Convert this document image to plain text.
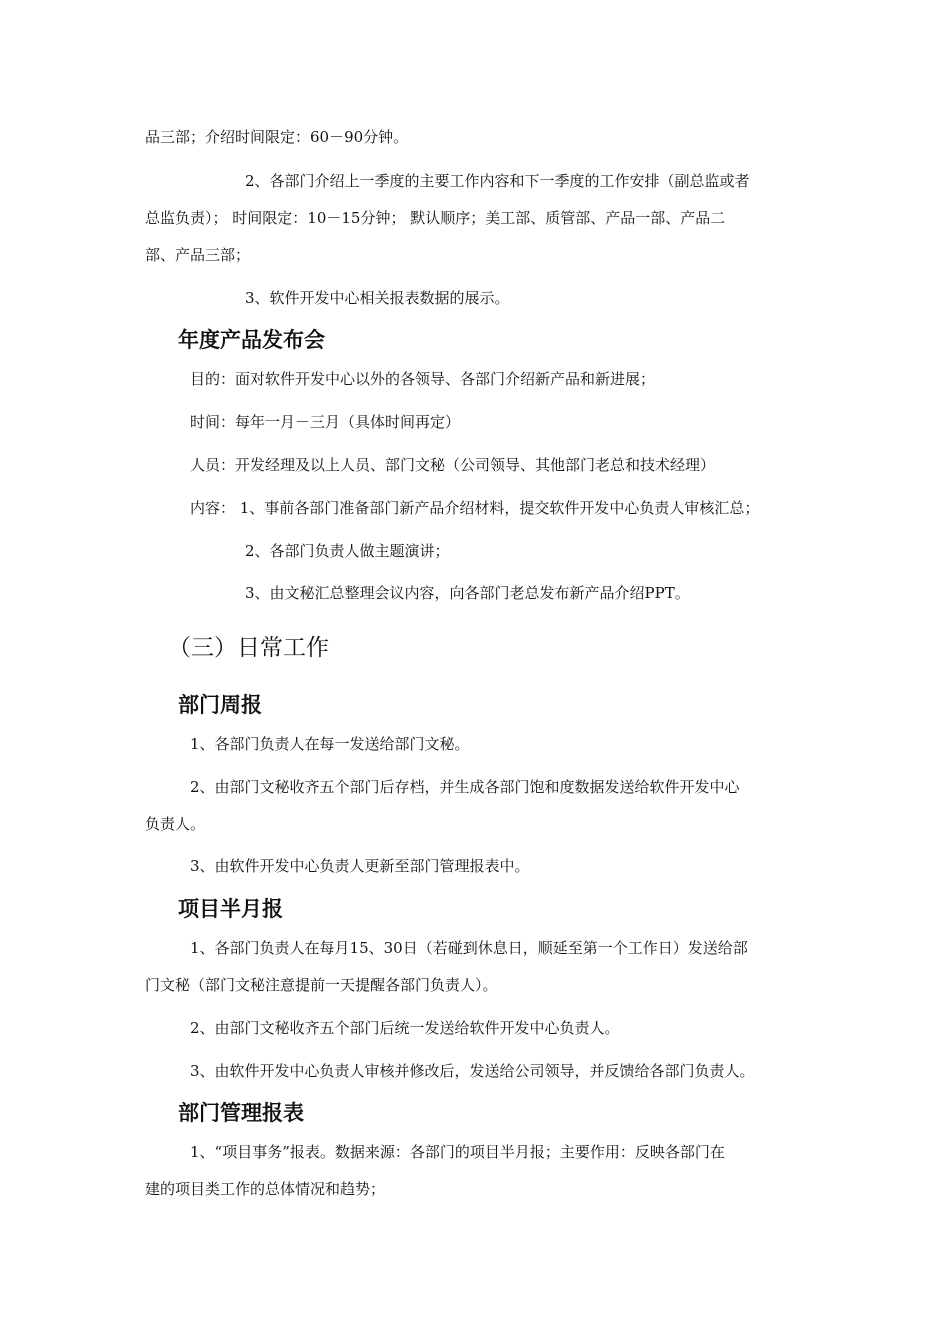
品三部；介绍时间限定：60－90分钟。
2、各部门介绍上一季度的主要工作内容和下一季度的工作安排（副总监或者
总监负责）； 时间限定：10－15分钟； 默认顺序；美工部、质管部、产品一部、产品二
部、产品三部；
3、软件开发中心相关报表数据的展示。
年度产品发布会
目的：面对软件开发中心以外的各领导、各部门介绍新产品和新进展；
时间：每年一月－三月（具体时间再定）
人员：开发经理及以上人员、部门文秘（公司领导、其他部门老总和技术经理）
内容： 1、事前各部门准备部门新产品介绍材料，提交软件开发中心负责人审核汇总；
2、各部门负责人做主题演讲；
3、由文秘汇总整理会议内容，向各部门老总发布新产品介绍PPT。
（三）日常工作
部门周报
1、各部门负责人在每一发送给部门文秘。
2、由部门文秘收齐五个部门后存档，并生成各部门饱和度数据发送给软件开发中心
负责人。
3、由软件开发中心负责人更新至部门管理报表中。
项目半月报
1、各部门负责人在每月15、30日（若碰到休息日，顺延至第一个工作日）发送给部
门文秘（部门文秘注意提前一天提醒各部门负责人）。
2、由部门文秘收齐五个部门后统一发送给软件开发中心负责人。
3、由软件开发中心负责人审核并修改后，发送给公司领导，并反馈给各部门负责人。
部门管理报表
1、“项目事务”报表。数据来源：各部门的项目半月报；主要作用：反映各部门在
建的项目类工作的总体情况和趋势；
